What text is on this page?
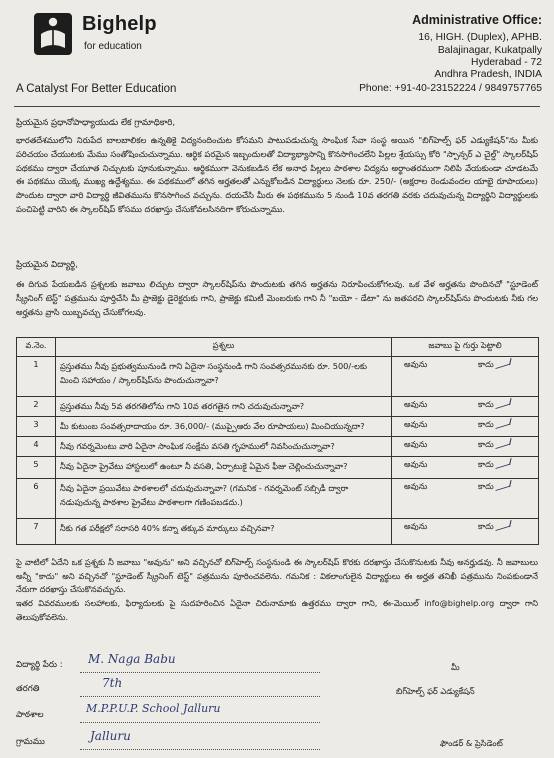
Bighelp
for education
A Catalyst For Better Education
Administrative Office:
16, HIGH. (Duplex), APHB.
Balajinagar, Kukatpally
Hyderabad - 72
Andhra Pradesh, INDIA
Phone: +91-40-23152224 / 9849757765
ప్రియమైన ప్రధానోపాధ్యాయుడు లేక గ్రామాధికారి,
భారతదేశములోని నిరుపేద బాలబాలికల ఉన్నతికై విద్యనందించుట కోసమని పాటుపడుచున్న సాంఘిక సేవా సంస్థ అయిన "బిగ్‌హెల్ప్ ఫర్ ఎడ్యుకేషన్"ను మీకు పరిచయం చేయుటకు మేము సంతోషించుచున్నాము. ఆర్థిక పరమైన ఇబ్బందులతో విద్యాభ్యాసాన్ని కొనసాగించలేని పిల్లల శ్రేయస్సు కోరి "స్పాన్సర్ ఎ చైల్డ్" స్కాలర్‌షిప్ పథకము ద్వారా చేయూత నిచ్చుటకు పూనుకున్నాము. ఆర్థికముగా వెనుకబడిన లేక అనాధ పిల్లలు పాఠశాల విద్యను అర్థాంతరముగా నిలిపి వేయకుండా చూడటమే ఈ పథకము యొక్క ముఖ్య ఉద్దేశ్యము. ఈ పథకములో తగిన అర్హతలతో ఎన్నుకోబడిన విద్యార్థులు నెలకు రూ. 250/- (అక్షరాల రెండువందల యాభై రూపాయలు) పొందుట ద్వారా వారి విద్యార్థి జీవితమును కొనసాగించ వచ్చును. దయచేసి మీరు ఈ పథకమును 5 నుండి 10వ తరగతి వరకు చదువుచున్న విద్యార్థిని విద్యార్థులకు పంచిపెట్టి వారిని ఈ స్కాలర్‌షిప్ కోసము దరఖాస్తు చేసుకోవలసినదిగా కోరుచున్నాము.
ప్రియమైన విద్యార్థి,
ఈ దిగువ పేయబడిన ప్రశ్నలకు జవాబు లిచ్చుట ద్వారా స్కాలర్‌షిప్‌ను పొందుటకు తగిన అర్హతను నిరూపించుకోగలవు. ఒక వేళ అర్హతను పొందినచో "స్టూడెంట్ స్క్రీనింగ్ టెస్ట్" పత్రమును పూర్తిచేసి మీ ప్రాజెక్టు డైరెక్టరుకు గాని, ప్రాజెక్టు కమిటీ మెంబరుకు గాని నీ "బయో - డేటా" ను జతపరచి స్కాలర్‌షిప్‌ను పొందుటకు నీకు గల అర్హతను వ్రాసి యిబ్బవచ్చు చేసుకోగలవు.
వ.నెం.	ప్రశ్నలు	జవాబు పై గుర్తు పెట్టాలి
1	ప్రస్తుతము నీవు ప్రభుత్వమునుండి గాని ఏదైనా సంస్థనుండి గాని సంవత్సరమునకు రూ. 500/-లకు మించి సహాయం / స్కాలర్‌షిప్‌ను పొందుచున్నావా?	అవును కాదు
2	ప్రస్తుతము నీవు 5వ తరగతిలోను గాని 10వ తరగతైన గాని చదువుచున్నావా?	అవును కాదు
3	మీ కుటుంబ సంవత్సరాదాయం రూ. 36,000/- (ముప్పైఆరు వేల రూపాయలు) మించియున్నదా?	అవును కాదు
4	నీవు గవర్నమెంటు వారి ఏదైనా సాంఘిక సంక్షేమ వసతి గృహములో నివసించుచున్నావా?	అవును కాదు
5	నీవు ఏదైనా ప్రైవేటు హాస్టలులో ఉంటూ నీ వసతి, ఏర్పాటుకై ఏమైన ఫీజు చెల్లించుచున్నావా?	అవును కాదు
6	నీవు ఏదైనా ప్రయివేటు పాఠశాలలో చదువుచున్నావా? (గమనిక - గవర్నమెంట్ సబ్సిడీ ద్వారా నడుపుచున్న పాఠశాల ప్రైవేటు పాఠశాలగా గణింపబడదు.)	అవును కాదు
7	నీకు గత పరీక్షలో సరాసరి 40% కన్నా తక్కువ మార్కులు వచ్చినవా?	అవును కాదు
పై వాటిలో ఏదేని ఒక ప్రశ్నకు నీ జవాబు "అవును" అని వచ్చినచో బిగ్‌హెల్ప్ సంస్థనుండి ఈ స్కాలర్‌షిప్ కొరకు దరఖాస్తు చేసుకొనుటకు నీవు అనర్హుడవు. నీ జవాబులు అన్నీ "కాదు" అని వచ్చినచో "స్టూడెంట్ స్క్రీనింగ్ టెస్ట్" పత్రమును పూరించవలెను. గమనిక : వికలాంగులైన విద్యార్థులు ఈ అర్హత తనిఖీ పత్రమును నింపకుండానే నేరుగా దరఖాస్తు చేసుకొనవచ్చును.
ఇతర వివరములకు సలహాలకు, ఫిర్యాదులకు పై సుదహరించిన ఏదైనా చిరునామాకు ఉత్తరము ద్వారా గాని, ఈ-మెయిల్ info@bighelp.org ద్వారా గాని తెలుపుకోవలెను.
విద్యార్థి పేరు : M. Naga Babu
తరగతి	7th
పాఠశాల	M.P.P.U.P. School Jalluru
గ్రామము	Jalluru
మీ
బిగ్‌హెల్ప్ ఫర్ ఎడ్యుకేషన్
ఫౌండర్ & ప్రెసిడెంట్
